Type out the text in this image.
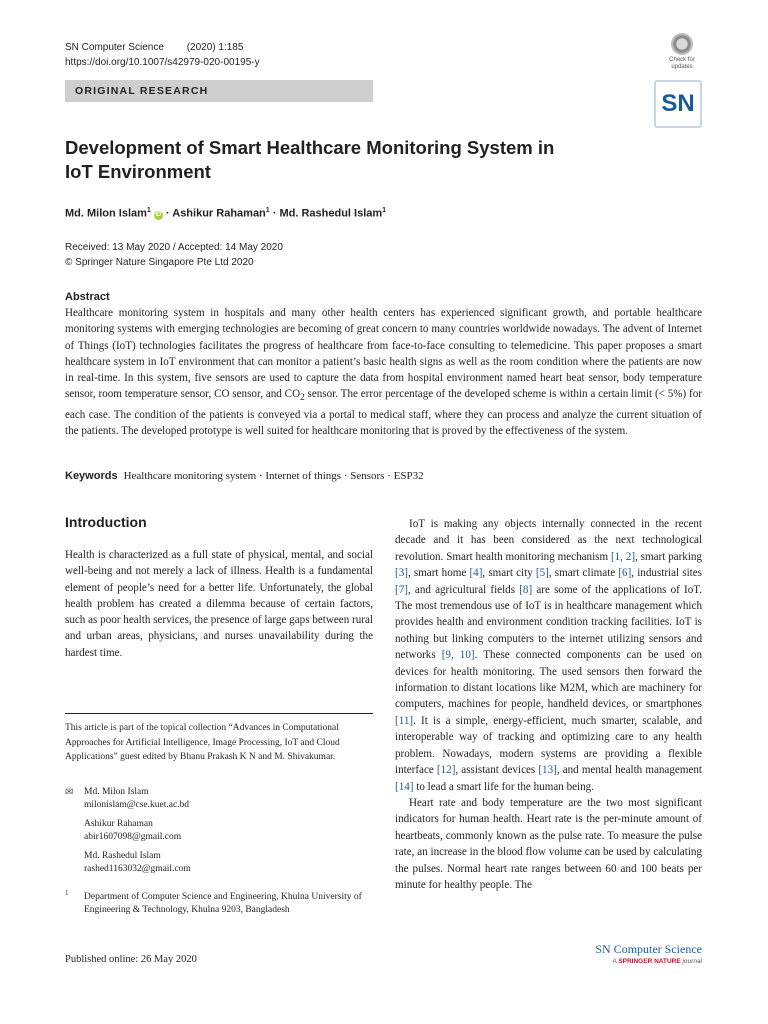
SN Computer Science (2020) 1:185
https://doi.org/10.1007/s42979-020-00195-y
ORIGINAL RESEARCH
Check for updates
SN
Development of Smart Healthcare Monitoring System in IoT Environment
Md. Milon Islam$^1$ iD · Ashikur Rahaman$^1$ · Md. Rashedul Islam$^1$
Received: 13 May 2020 / Accepted: 14 May 2020
© Springer Nature Singapore Pte Ltd 2020
Abstract
Healthcare monitoring system in hospitals and many other health centers has experienced significant growth, and portable healthcare monitoring systems with emerging technologies are becoming of great concern to many countries worldwide nowadays. The advent of Internet of Things (IoT) technologies facilitates the progress of healthcare from face-to-face consulting to telemedicine. This paper proposes a smart healthcare system in IoT environment that can monitor a patient’s basic health signs as well as the room condition where the patients are now in real-time. In this system, five sensors are used to capture the data from hospital environment named heart beat sensor, body temperature sensor, room temperature sensor, CO sensor, and $CO_2$ sensor. The error percentage of the developed scheme is within a certain limit (< 5%) for each case. The condition of the patients is conveyed via a portal to medical staff, where they can process and analyze the current situation of the patients. The developed prototype is well suited for healthcare monitoring that is proved by the effectiveness of the system.
Keywords Healthcare monitoring system · Internet of things · Sensors · ESP32
Introduction

Health is characterized as a full state of physical, mental, and social well-being and not merely a lack of illness. Health is a fundamental element of people’s need for a better life. Unfortunately, the global health problem has created a dilemma because of certain factors, such as poor health services, the presence of large gaps between rural and urban areas, physicians, and nurses unavailability during the hardest time.

IoT is making any objects internally connected in the recent decade and it has been considered as the next technological revolution. Smart health monitoring mechanism [1, 2], smart parking [3], smart home [4], smart city [5], smart climate [6], industrial sites [7], and agricultural fields [8] are some of the applications of IoT. The most tremendous use of IoT is in healthcare management which provides health and environment condition tracking facilities. IoT is nothing but linking computers to the internet utilizing sensors and networks [9, 10]. These connected components can be used on devices for health monitoring. The used sensors then forward the information to distant locations like M2M, which are machinery for computers, machines for people, handheld devices, or smartphones [11]. It is a simple, energy-efficient, much smarter, scalable, and interoperable way of tracking and optimizing care to any health problem. Nowadays, modern systems are providing a flexible interface [12], assistant devices [13], and mental health management [14] to lead a smart life for the human being.

Heart rate and body temperature are the two most significant indicators for human health. Heart rate is the per-minute amount of heartbeats, commonly known as the pulse rate. To measure the pulse rate, an increase in the blood flow volume can be used by calculating the pulses. Normal heart rate ranges between 60 and 100 beats per minute for healthy people. The

This article is part of the topical collection “Advances in Computational Approaches for Artificial Intelligence, Image Processing, IoT and Cloud Applications” guest edited by Bhanu Prakash K N and M. Shivakumar.
✉ Md. Milon Islam
milonislam@cse.kuet.ac.bd
Ashikur Rahaman
abir1607098@gmail.com
Md. Rashedul Islam
rashed1163032@gmail.com
1 Department of Computer Science and Engineering, Khulna University of Engineering & Technology, Khulna 9203, Bangladesh
Published online: 26 May 2020
SN Computer Science
A SPRINGER NATURE journal
